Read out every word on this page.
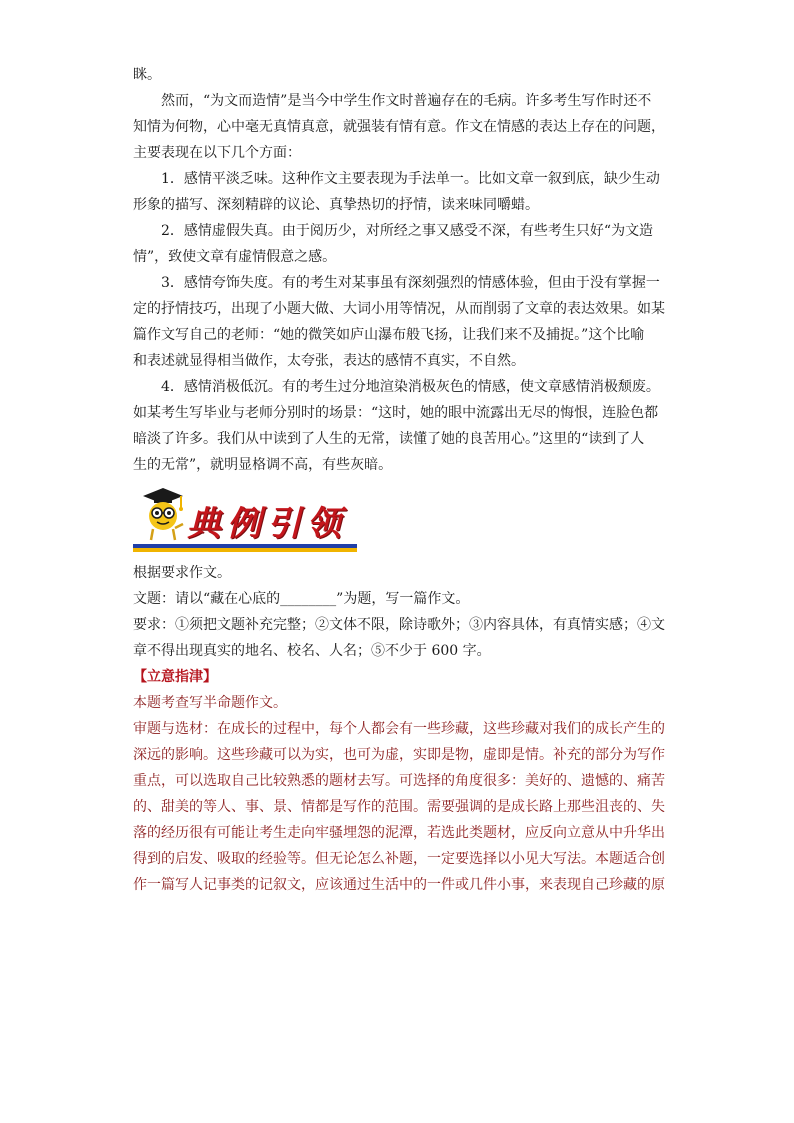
眯。
然而，“为文而造情”是当今中学生作文时普遍存在的毛病。许多考生写作时还不
知情为何物，心中毫无真情真意，就强装有情有意。作文在情感的表达上存在的问题，
主要表现在以下几个方面：
1．感情平淡乏味。这种作文主要表现为手法单一。比如文章一叙到底，缺少生动
形象的描写、深刻精辟的议论、真挚热切的抒情，读来味同嚼蜡。
2．感情虚假失真。由于阅历少，对所经之事又感受不深，有些考生只好“为文造
情”，致使文章有虚情假意之感。
3．感情夸饰失度。有的考生对某事虽有深刻强烈的情感体验，但由于没有掌握一
定的抒情技巧，出现了小题大做、大词小用等情况，从而削弱了文章的表达效果。如某
篇作文写自己的老师：“她的微笑如庐山瀑布般飞扬，让我们来不及捕捉。”这个比喻
和表述就显得相当做作，太夸张，表达的感情不真实，不自然。
4．感情消极低沉。有的考生过分地渲染消极灰色的情感，使文章感情消极颓废。
如某考生写毕业与老师分别时的场景：“这时，她的眼中流露出无尽的悔恨，连脸色都
暗淡了许多。我们从中读到了人生的无常，读懂了她的良苦用心。”这里的“读到了人
生的无常”，就明显格调不高，有些灰暗。
典例引领
根据要求作文。
文题：请以“藏在心底的________”为题，写一篇作文。
要求：①须把文题补充完整；②文体不限，除诗歌外；③内容具体，有真情实感；④文
章不得出现真实的地名、校名、人名；⑤不少于 600 字。
【立意指津】
本题考查写半命题作文。
审题与选材：在成长的过程中，每个人都会有一些珍藏，这些珍藏对我们的成长产生的
深远的影响。这些珍藏可以为实，也可为虚，实即是物，虚即是情。补充的部分为写作
重点，可以选取自己比较熟悉的题材去写。可选择的角度很多：美好的、遗憾的、痛苦
的、甜美的等人、事、景、情都是写作的范围。需要强调的是成长路上那些沮丧的、失
落的经历很有可能让考生走向牢骚埋怨的泥潭，若选此类题材，应反向立意从中升华出
得到的启发、吸取的经验等。但无论怎么补题，一定要选择以小见大写法。本题适合创
作一篇写人记事类的记叙文，应该通过生活中的一件或几件小事，来表现自己珍藏的原
